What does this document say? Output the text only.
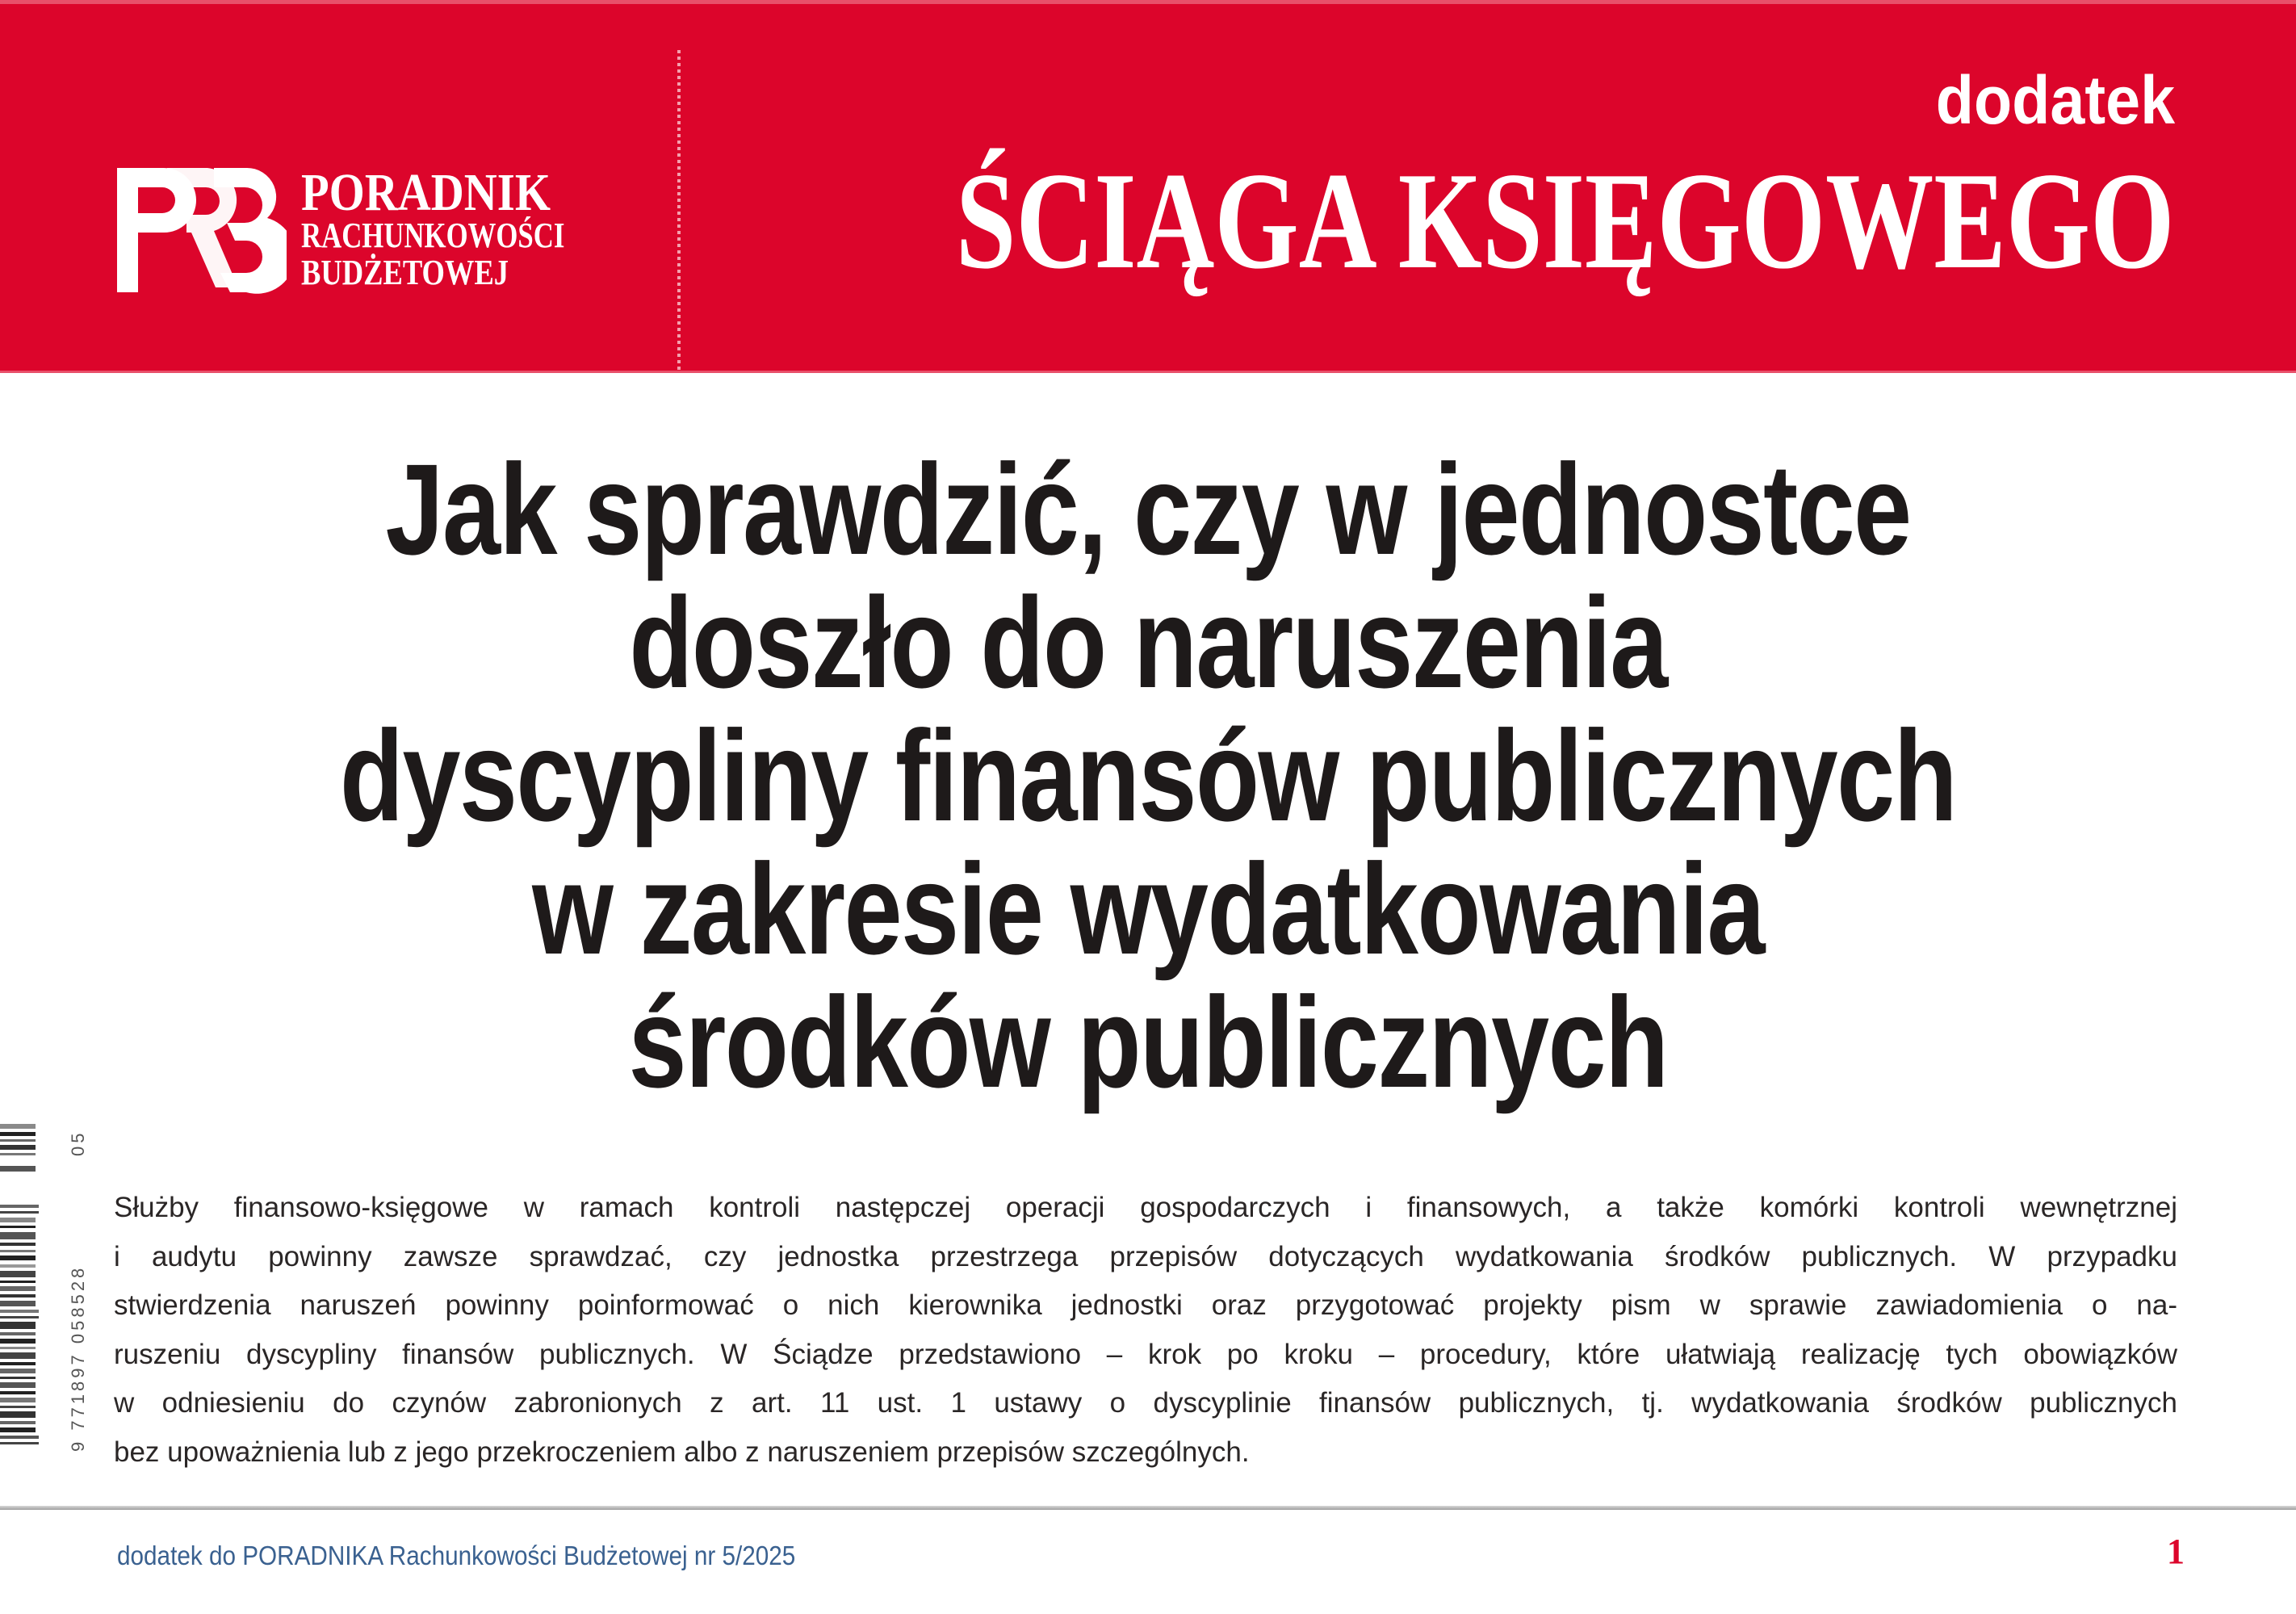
PORADNIK
RACHUNKOWOŚCI
BUDŻETOWEJ
dodatek
ŚCIĄGA KSIĘGOWEGO
Jak sprawdzić, czy w jednostce
doszło do naruszenia
dyscypliny finansów publicznych
w zakresie wydatkowania
środków publicznych
9 771897 058528
05
Służby finansowo-księgowe w ramach kontroli następczej operacji gospodarczych i finansowych, a także komórki kontroli wewnętrznej
i audytu powinny zawsze sprawdzać, czy jednostka przestrzega przepisów dotyczących wydatkowania środków publicznych. W przypadku
stwierdzenia naruszeń powinny poinformować o nich kierownika jednostki oraz przygotować projekty pism w sprawie zawiadomienia o na-
ruszeniu dyscypliny finansów publicznych. W Ściądze przedstawiono – krok po kroku – procedury, które ułatwiają realizację tych obowiązków
w odniesieniu do czynów zabronionych z art. 11 ust. 1 ustawy o dyscyplinie finansów publicznych, tj. wydatkowania środków publicznych
bez upoważnienia lub z jego przekroczeniem albo z naruszeniem przepisów szczególnych.
dodatek do PORADNIKA Rachunkowości Budżetowej nr 5/2025	1
